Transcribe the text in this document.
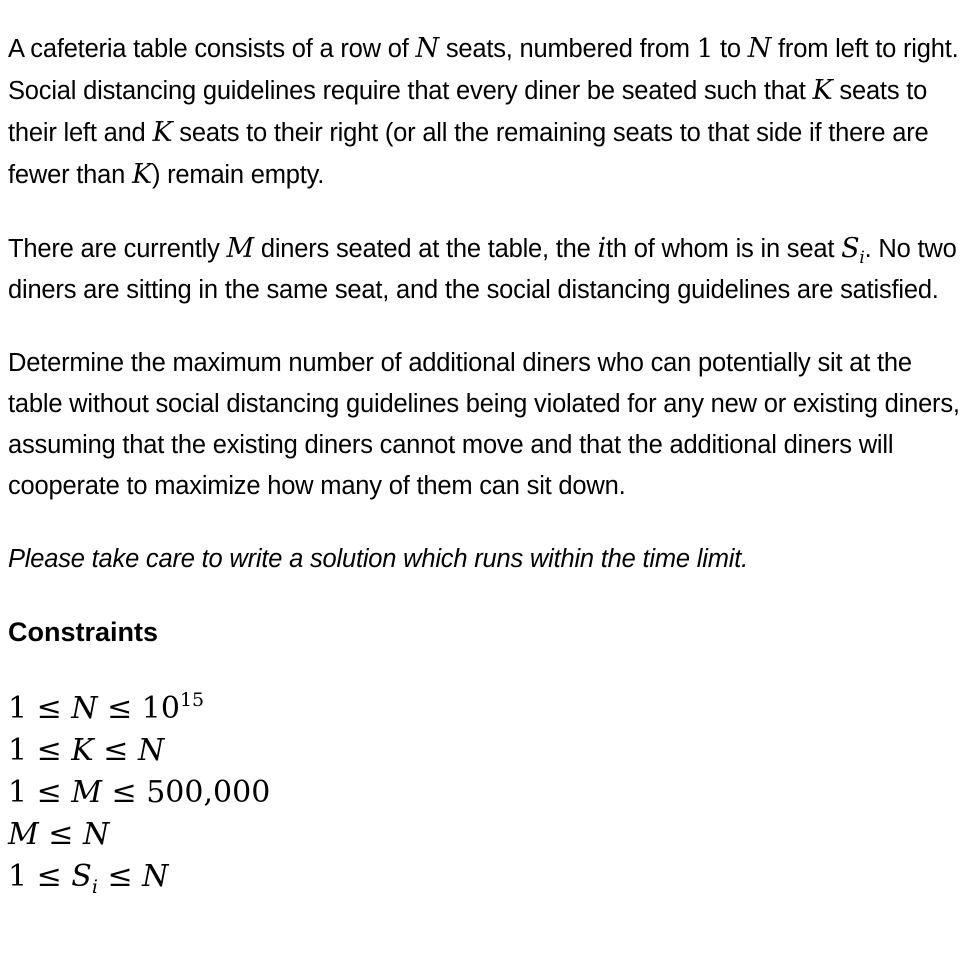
A cafeteria table consists of a row of N seats, numbered from 1 to N from left to right. Social distancing guidelines require that every diner be seated such that K seats to their left and K seats to their right (or all the remaining seats to that side if there are fewer than K) remain empty.

There are currently M diners seated at the table, the ith of whom is in seat $S_i$. No two diners are sitting in the same seat, and the social distancing guidelines are satisfied.

Determine the maximum number of additional diners who can potentially sit at the table without social distancing guidelines being violated for any new or existing diners, assuming that the existing diners cannot move and that the additional diners will cooperate to maximize how many of them can sit down.

Please take care to write a solution which runs within the time limit.

Constraints
$1 \le N \le 10^{15}$
1 ≤ K ≤ N
1 ≤ M ≤ 500,000
M ≤ N
$1 \le S_i \le N$
